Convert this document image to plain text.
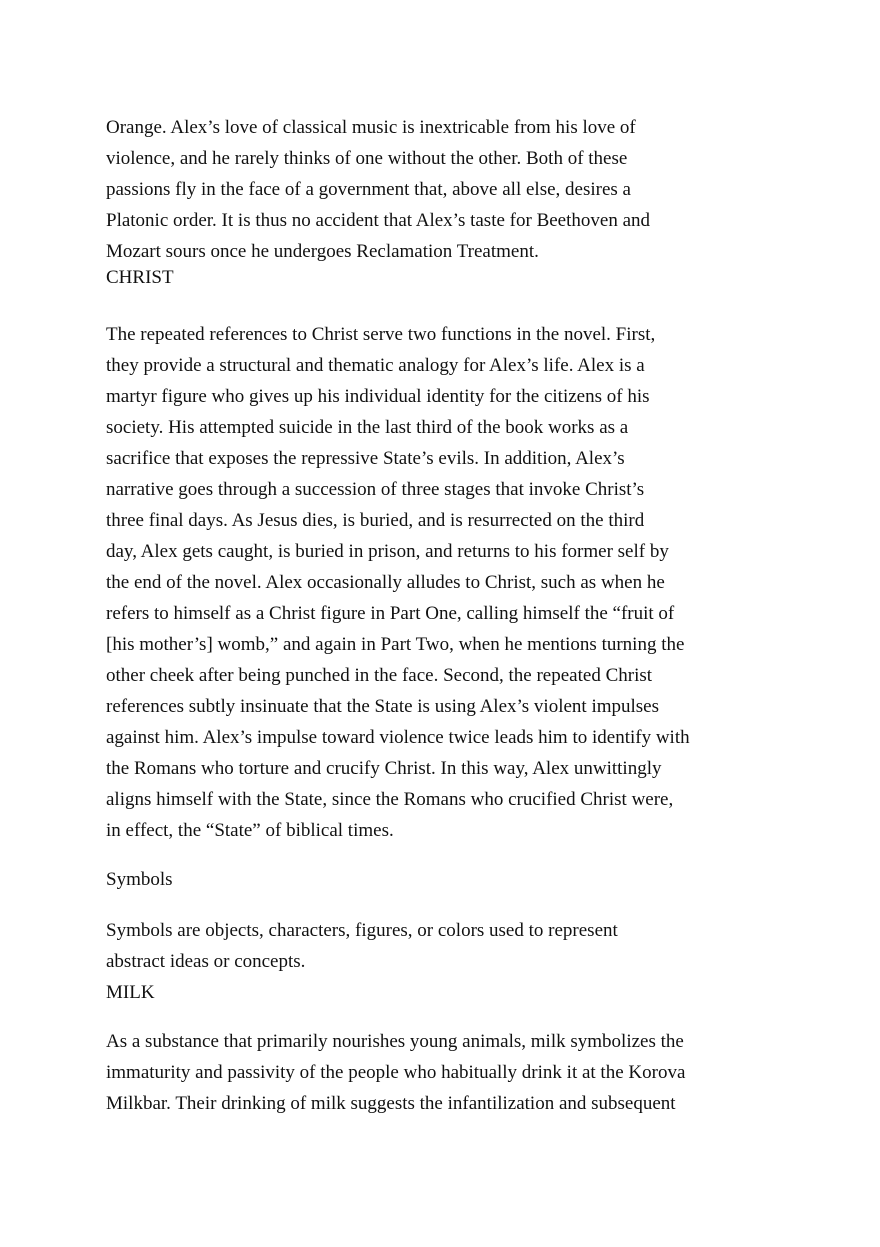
Orange. Alex’s love of classical music is inextricable from his love of
violence, and he rarely thinks of one without the other. Both of these
passions fly in the face of a government that, above all else, desires a
Platonic order. It is thus no accident that Alex’s taste for Beethoven and
Mozart sours once he undergoes Reclamation Treatment.
CHRIST
The repeated references to Christ serve two functions in the novel. First,
they provide a structural and thematic analogy for Alex’s life. Alex is a
martyr figure who gives up his individual identity for the citizens of his
society. His attempted suicide in the last third of the book works as a
sacrifice that exposes the repressive State’s evils. In addition, Alex’s
narrative goes through a succession of three stages that invoke Christ’s
three final days. As Jesus dies, is buried, and is resurrected on the third
day, Alex gets caught, is buried in prison, and returns to his former self by
the end of the novel. Alex occasionally alludes to Christ, such as when he
refers to himself as a Christ figure in Part One, calling himself the “fruit of
[his mother’s] womb,” and again in Part Two, when he mentions turning the
other cheek after being punched in the face. Second, the repeated Christ
references subtly insinuate that the State is using Alex’s violent impulses
against him. Alex’s impulse toward violence twice leads him to identify with
the Romans who torture and crucify Christ. In this way, Alex unwittingly
aligns himself with the State, since the Romans who crucified Christ were,
in effect, the “State” of biblical times.
Symbols
Symbols are objects, characters, figures, or colors used to represent
abstract ideas or concepts.
MILK
As a substance that primarily nourishes young animals, milk symbolizes the
immaturity and passivity of the people who habitually drink it at the Korova
Milkbar. Their drinking of milk suggests the infantilization and subsequent
